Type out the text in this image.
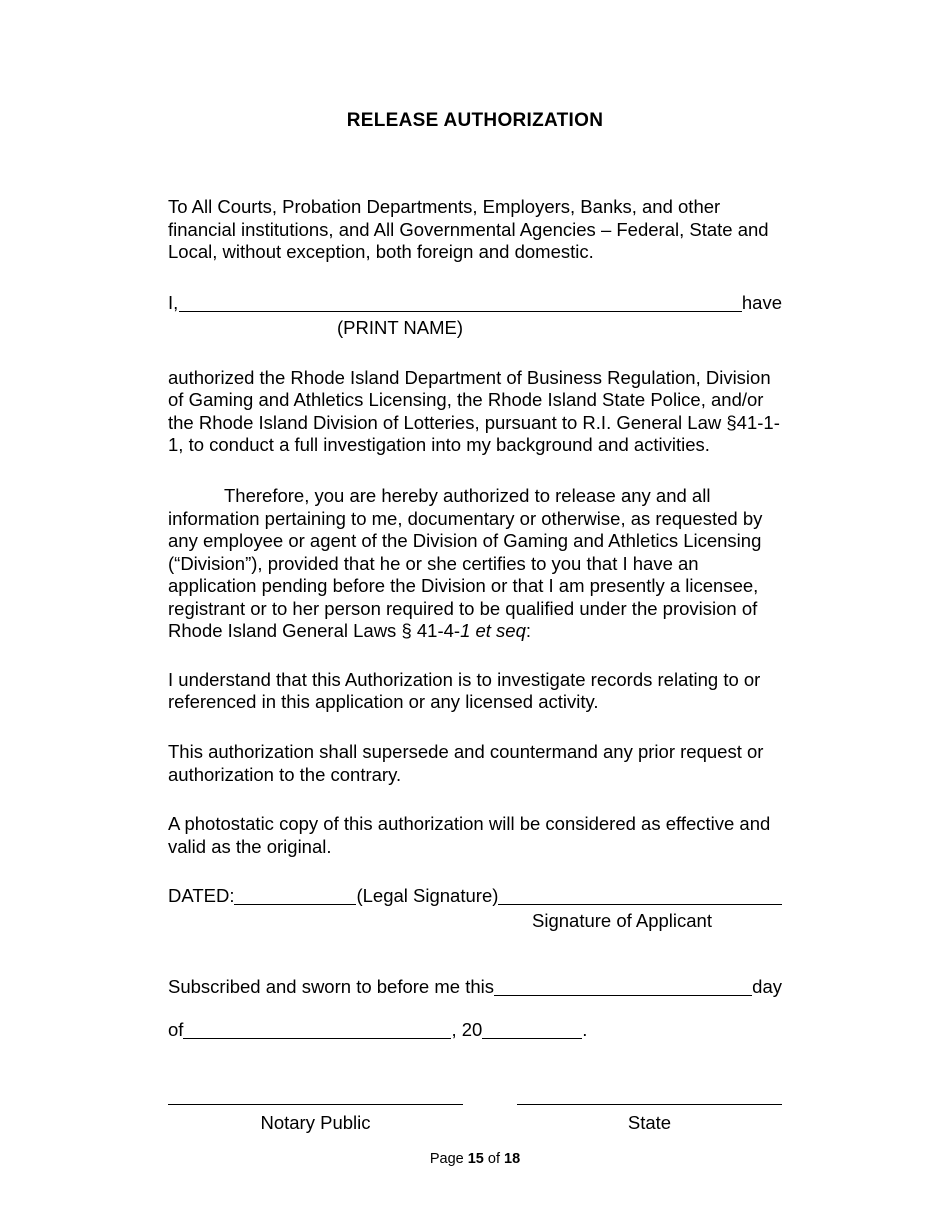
RELEASE AUTHORIZATION

To All Courts, Probation Departments, Employers, Banks, and other financial institutions, and All Governmental Agencies – Federal, State and Local, without exception, both foreign and domestic.

I,	have
(PRINT NAME)

authorized the Rhode Island Department of Business Regulation, Division of Gaming and Athletics Licensing, the Rhode Island State Police, and/or the Rhode Island Division of Lotteries, pursuant to R.I. General Law §41-1-1, to conduct a full investigation into my background and activities.

Therefore, you are hereby authorized to release any and all information pertaining to me, documentary or otherwise, as requested by any employee or agent of the Division of Gaming and Athletics Licensing (“Division”), provided that he or she certifies to you that I have an application pending before the Division or that I am presently a licensee, registrant or to her person required to be qualified under the provision of Rhode Island General Laws § 41-4-1 et seq:

I understand that this Authorization is to investigate records relating to or referenced in this application or any licensed activity.

This authorization shall supersede and countermand any prior request or authorization to the contrary.

A photostatic copy of this authorization will be considered as effective and valid as the original.

DATED:	(Legal Signature)
Signature of Applicant
Subscribed and sworn to before me this	day
of	, 20	.
Notary Public	State
Page 15 of 18
